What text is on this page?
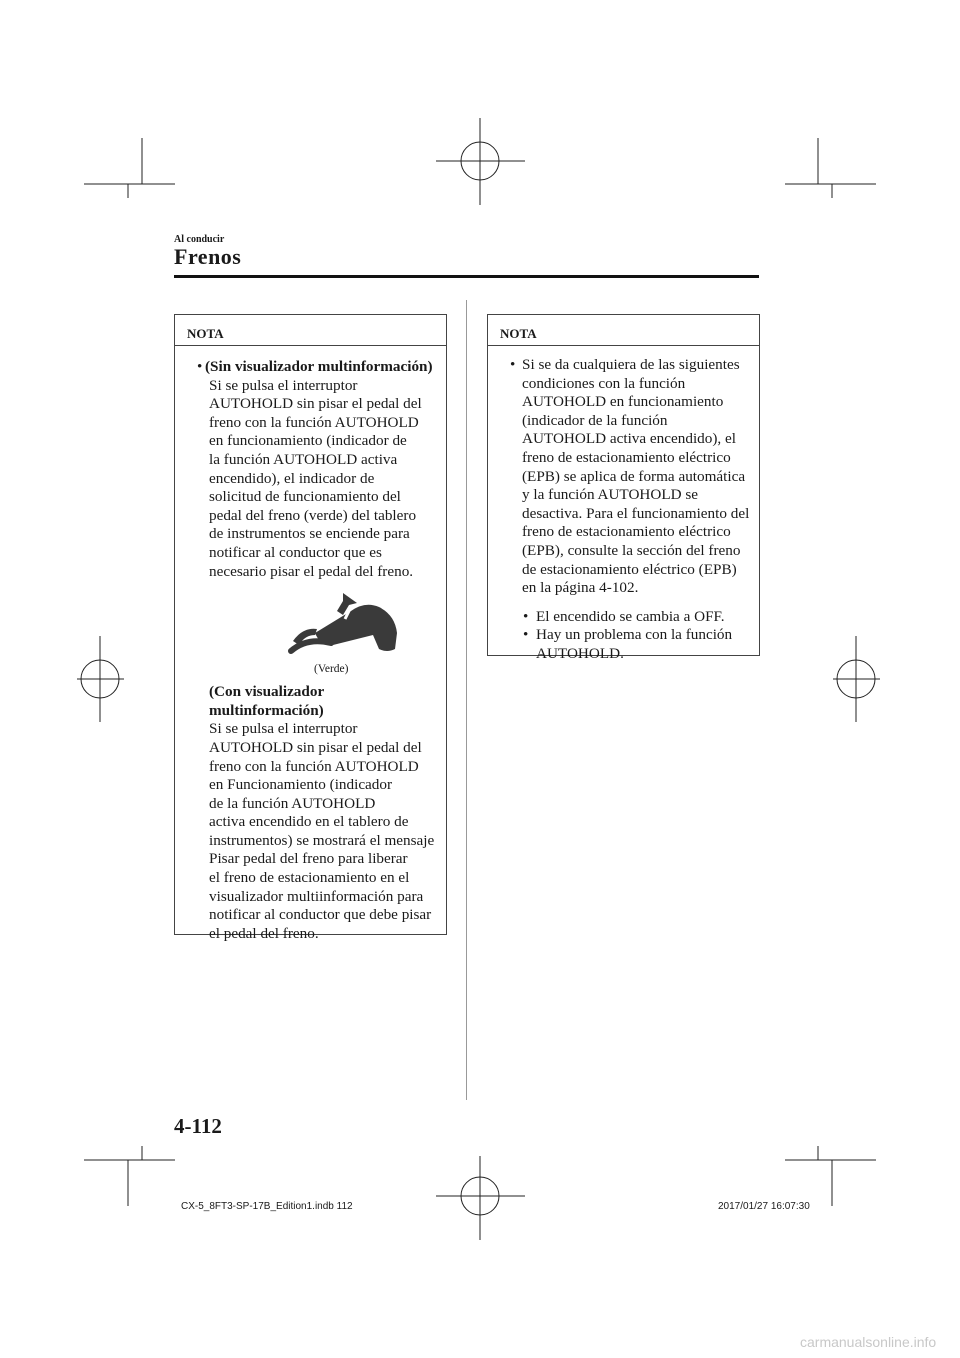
Al conducir
Frenos
NOTA
• (Sin visualizador multinformación)
Si se pulsa el interruptor
AUTOHOLD sin pisar el pedal del
freno con la función AUTOHOLD
en funcionamiento (indicador de
la función AUTOHOLD activa
encendido), el indicador de
solicitud de funcionamiento del
pedal del freno (verde) del tablero
de instrumentos se enciende para
notificar al conductor que es
necesario pisar el pedal del freno.
(Verde)
(Con visualizador
multinformación)
Si se pulsa el interruptor
AUTOHOLD sin pisar el pedal del
freno con la función AUTOHOLD
en Funcionamiento (indicador
de la función AUTOHOLD
activa encendido en el tablero de
instrumentos) se mostrará el mensaje
Pisar pedal del freno para liberar
el freno de estacionamiento en el
visualizador multiinformación para
notificar al conductor que debe pisar
el pedal del freno.
NOTA
• Si se da cualquiera de las siguientes
condiciones con la función
AUTOHOLD en funcionamiento
(indicador de la función
AUTOHOLD activa encendido), el
freno de estacionamiento eléctrico
(EPB) se aplica de forma automática
y la función AUTOHOLD se
desactiva. Para el funcionamiento del
freno de estacionamiento eléctrico
(EPB), consulte la sección del freno
de estacionamiento eléctrico (EPB)
en la página 4-102.
• El encendido se cambia a OFF.
• Hay un problema con la función
AUTOHOLD.
4-112
CX-5_8FT3-SP-17B_Edition1.indb 112	2017/01/27 16:07:30
carmanualsonline.info
